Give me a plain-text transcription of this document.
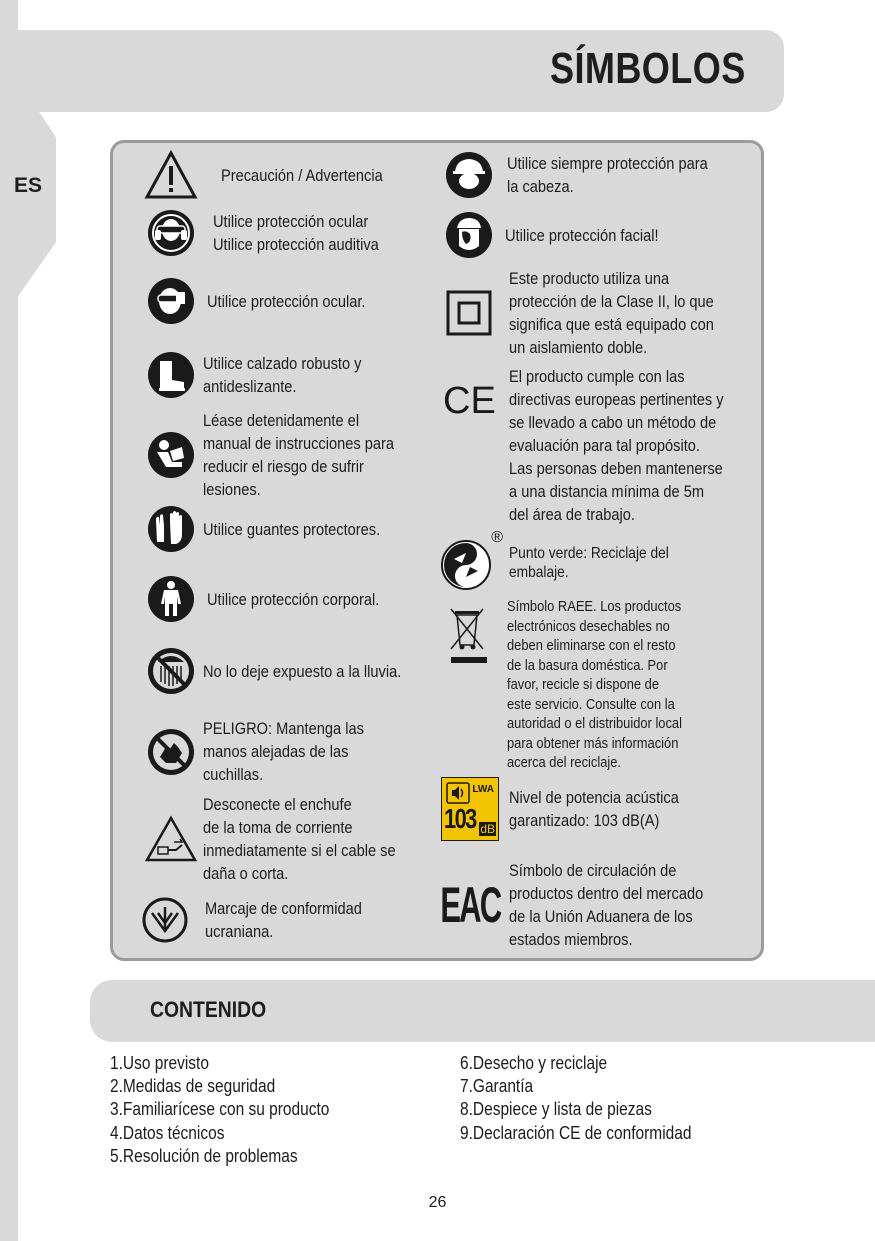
ES
SÍMBOLOS
Precaución / Advertencia
Utilice protección ocular
Utilice protección auditiva
Utilice protección ocular.
Utilice calzado robusto y
antideslizante.
Léase detenidamente el
manual de instrucciones para
reducir el riesgo de sufrir
lesiones.
Utilice guantes protectores.
Utilice protección corporal.
No lo deje expuesto a la lluvia.
PELIGRO: Mantenga las
manos alejadas de las
cuchillas.
Desconecte el enchufe
de la toma de corriente
inmediatamente si el cable se
daña o corta.
Marcaje de conformidad
ucraniana.
Utilice siempre protección para
la cabeza.
Utilice protección facial!
Este producto utiliza una
protección de la Clase II, lo que
significa que está equipado con
un aislamiento doble.
CE
El producto cumple con las
directivas europeas pertinentes y
se llevado a cabo un método de
evaluación para tal propósito.
Las personas deben mantenerse
a una distancia mínima de 5m
del área de trabajo.
®
Punto verde: Reciclaje del embalaje.
Símbolo RAEE. Los productos
electrónicos desechables no
deben eliminarse con el resto
de la basura doméstica. Por
favor, recicle si dispone de
este servicio. Consulte con la
autoridad o el distribuidor local
para obtener más información
acerca del reciclaje.
LWA
103 dB
Nivel de potencia acústica
garantizado: 103 dB(A)
EAC
Símbolo de circulación de
productos dentro del mercado
de la Unión Aduanera de los
estados miembros.
CONTENIDO
1.Uso previsto
2.Medidas de seguridad
3.Familiarícese con su producto
4.Datos técnicos
5.Resolución de problemas
6.Desecho y reciclaje
7.Garantía
8.Despiece y lista de piezas
9.Declaración CE de conformidad
26
